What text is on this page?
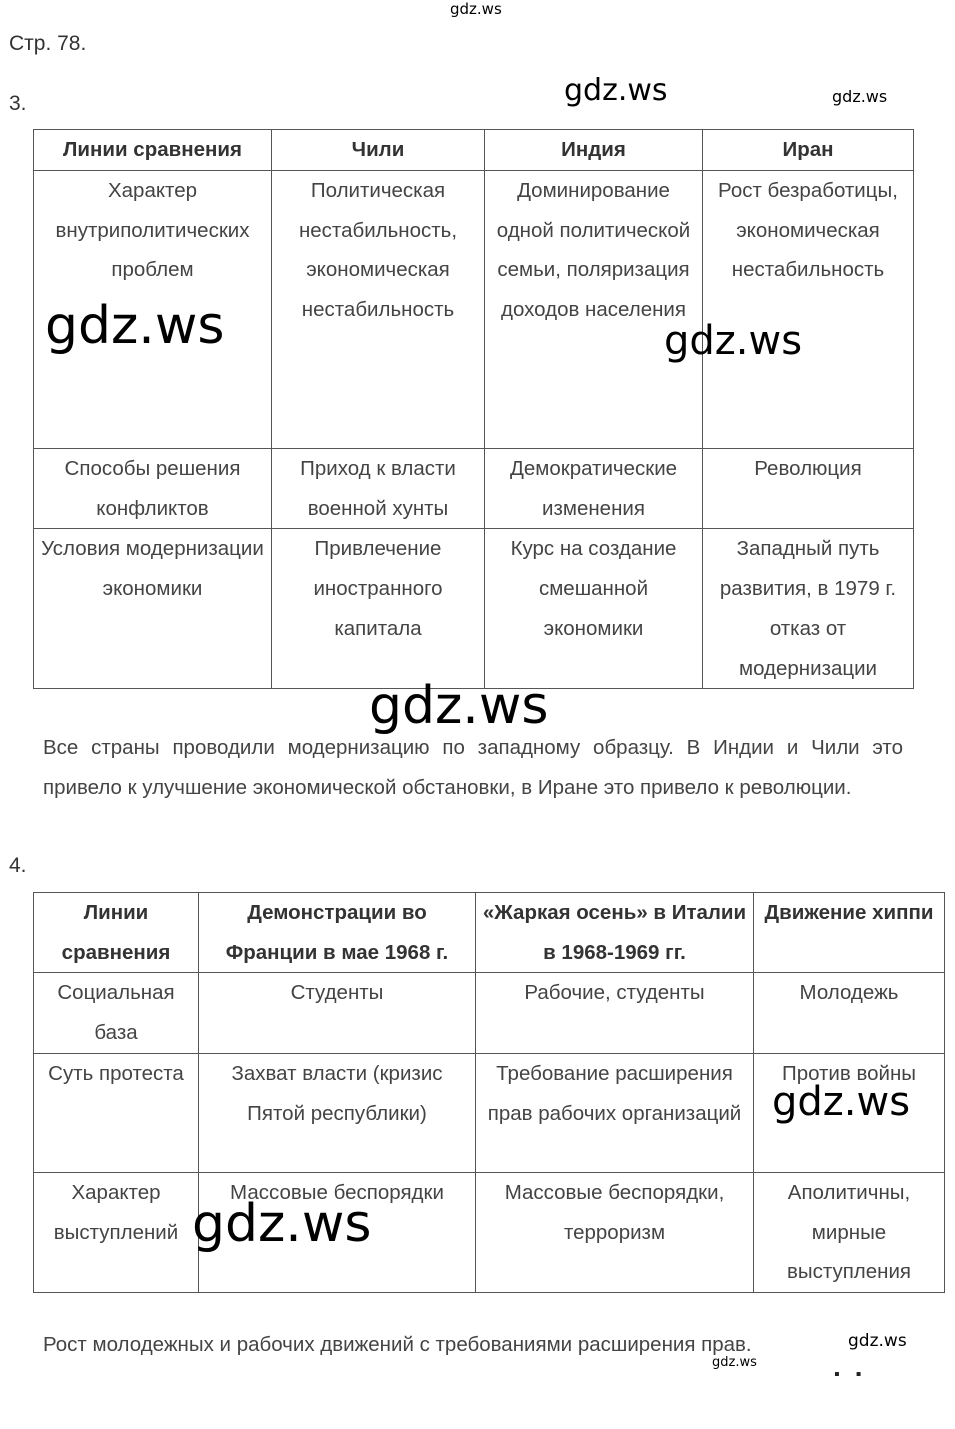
gdz.ws
Стр. 78.
3.
Линии сравнения	Чили	Индия	Иран
Характер внутриполитических проблем	Политическая нестабильность, экономическая нестабильность	Доминирование одной политической семьи, поляризация доходов населения	Рост безработицы, экономическая нестабильность
Способы решения конфликтов	Приход к власти военной хунты	Демократические изменения	Революция
Условия модернизации экономики	Привлечение иностранного капитала	Курс на создание смешанной экономики	Западный путь развития, в 1979 г. отказ от модернизации
Все страны проводили модернизацию по западному образцу. В Индии и Чили это привело к улучшение экономической обстановки, в Иране это привело к революции.
4.
Линии сравнения	Демонстрации во Франции в мае 1968 г.	«Жаркая осень» в Италии в 1968-1969 гг.	Движение хиппи
Социальная база	Студенты	Рабочие, студенты	Молодежь
Суть протеста	Захват власти (кризис Пятой республики)	Требование расширения прав рабочих организаций	Против войны
Характер выступлений	Массовые беспорядки	Массовые беспорядки, терроризм	Аполитичны, мирные выступления
Рост молодежных и рабочих движений с требованиями расширения прав.
gdz.ws	gdz.ws
gdz.ws	gdz.ws
gdz.ws
gdz.ws
gdz.ws
gdz.ws
gdz.ws
▪▪
